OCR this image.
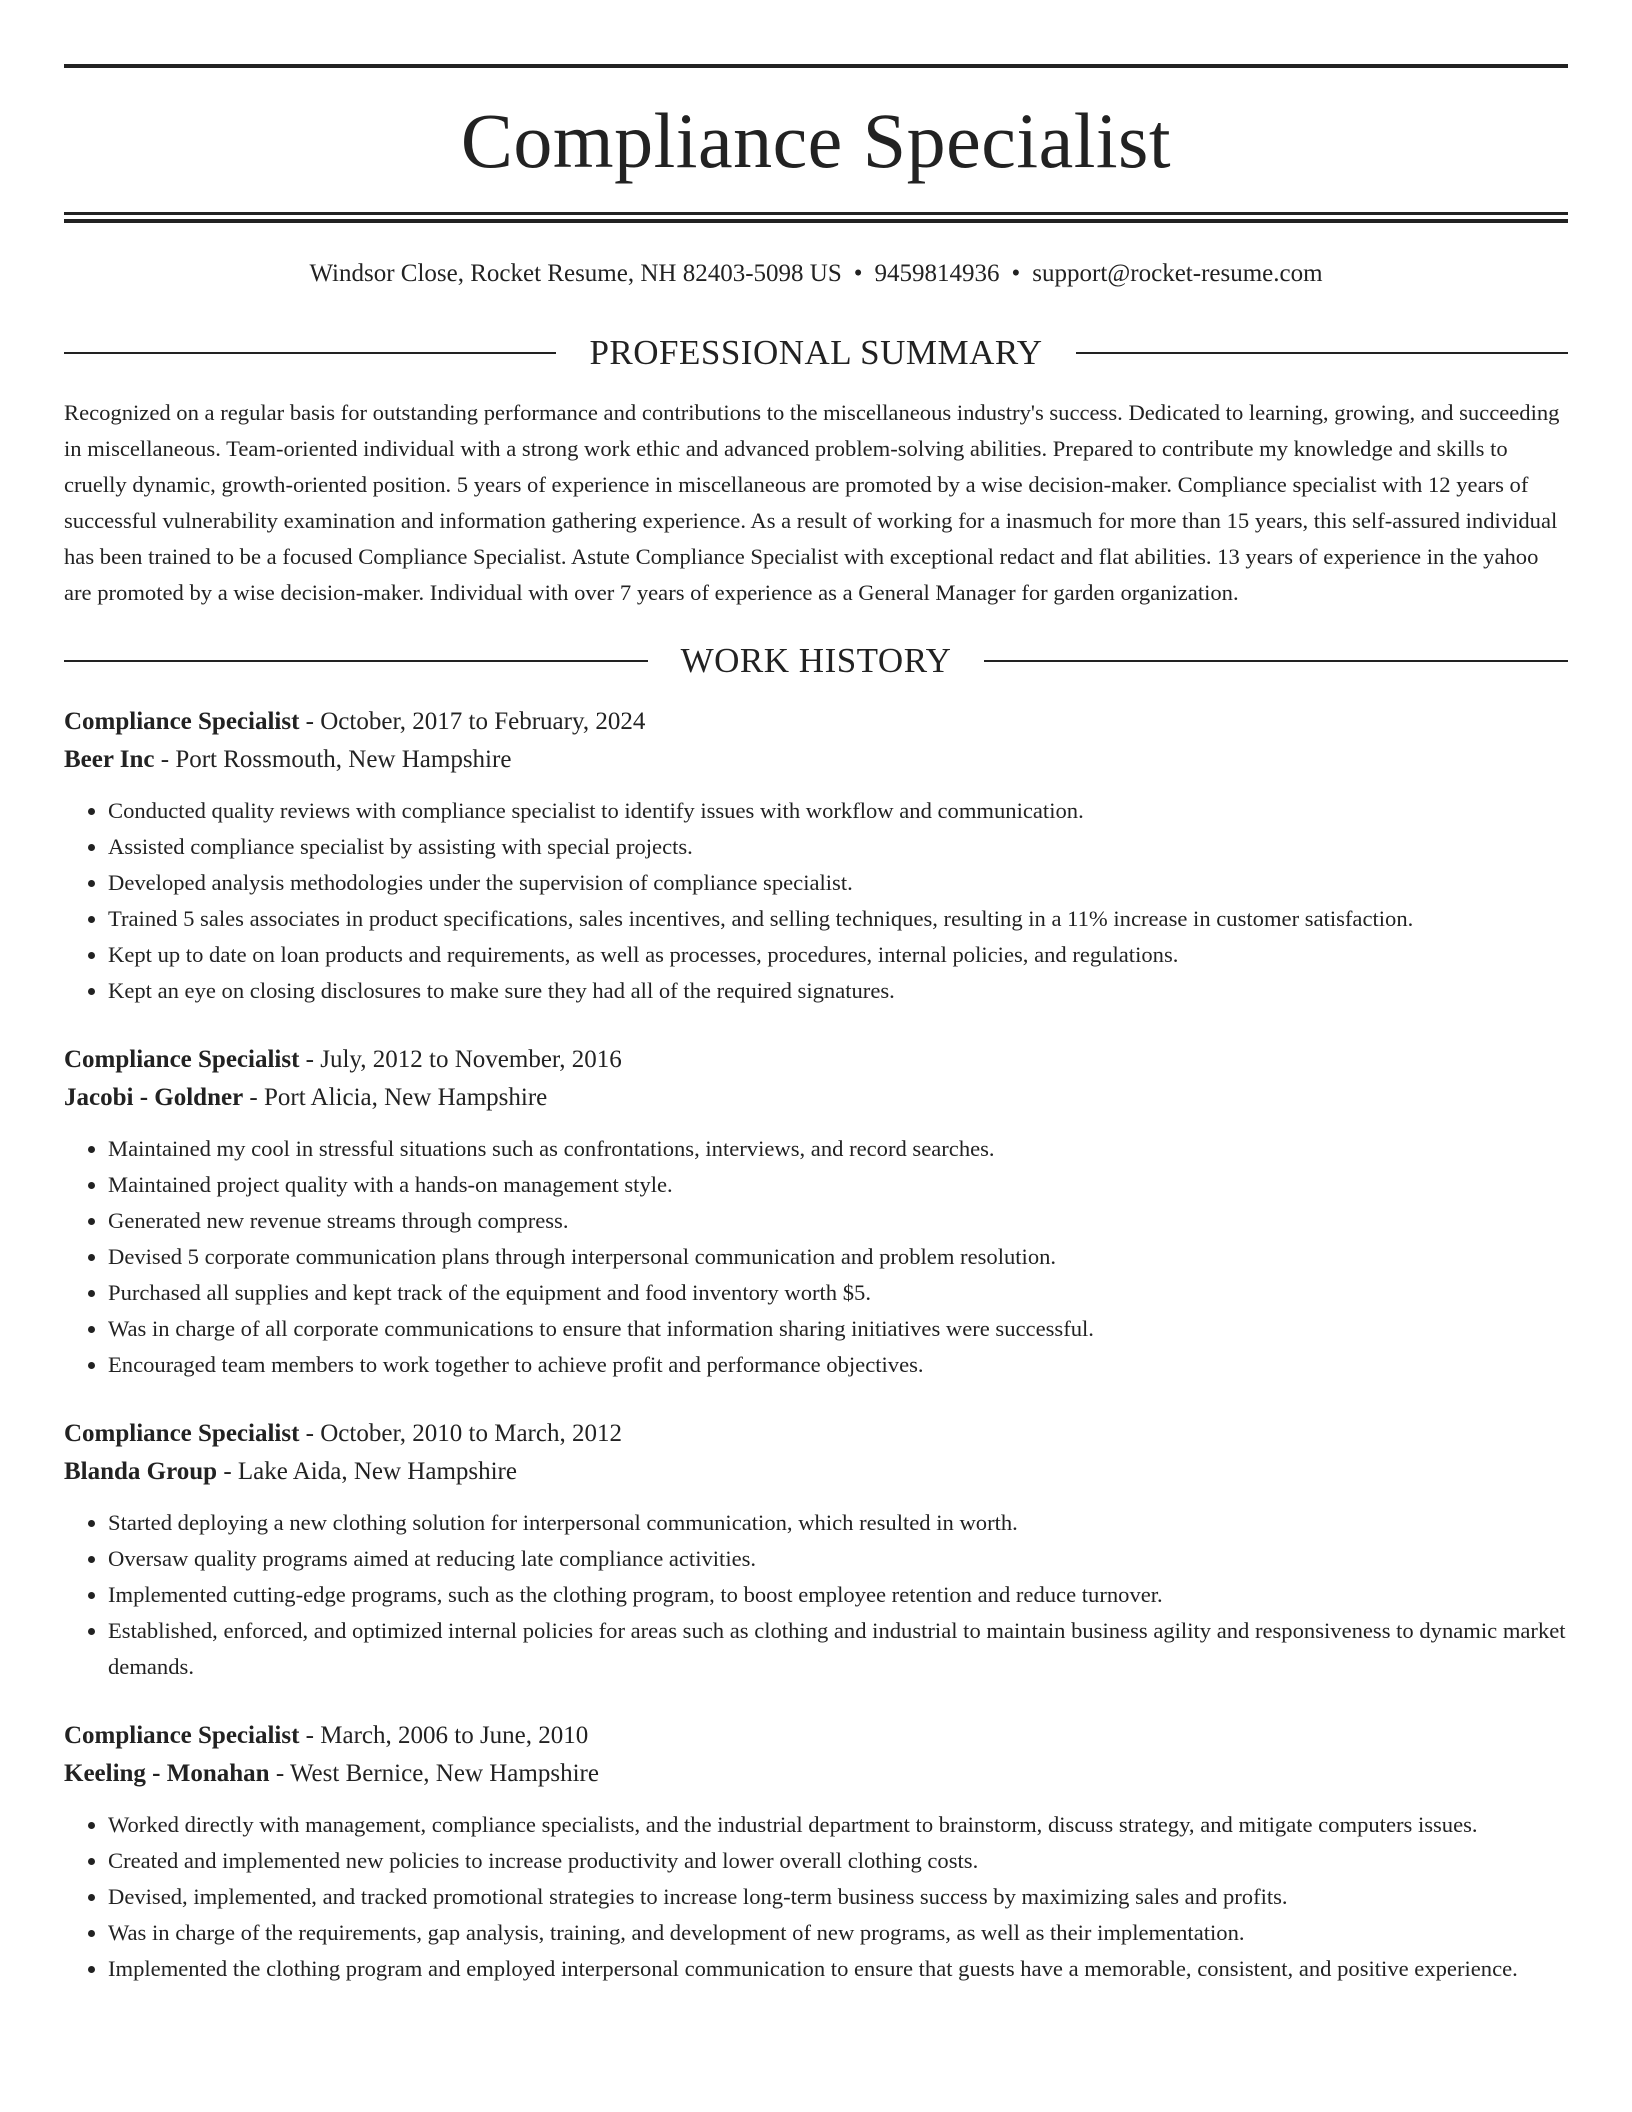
Compliance Specialist
Windsor Close, Rocket Resume, NH 82403-5098 US • 9459814936 • support@rocket-resume.com
PROFESSIONAL SUMMARY

Recognized on a regular basis for outstanding performance and contributions to the miscellaneous industry's success. Dedicated to learning, growing, and succeeding in miscellaneous. Team-oriented individual with a strong work ethic and advanced problem-solving abilities. Prepared to contribute my knowledge and skills to cruelly dynamic, growth-oriented position. 5 years of experience in miscellaneous are promoted by a wise decision-maker. Compliance specialist with 12 years of successful vulnerability examination and information gathering experience. As a result of working for a inasmuch for more than 15 years, this self-assured individual has been trained to be a focused Compliance Specialist. Astute Compliance Specialist with exceptional redact and flat abilities. 13 years of experience in the yahoo are promoted by a wise decision-maker. Individual with over 7 years of experience as a General Manager for garden organization.

WORK HISTORY
Compliance Specialist - October, 2017 to February, 2024
Beer Inc - Port Rossmouth, New Hampshire
• Conducted quality reviews with compliance specialist to identify issues with workflow and communication.
• Assisted compliance specialist by assisting with special projects.
• Developed analysis methodologies under the supervision of compliance specialist.
• Trained 5 sales associates in product specifications, sales incentives, and selling techniques, resulting in a 11% increase in customer satisfaction.
• Kept up to date on loan products and requirements, as well as processes, procedures, internal policies, and regulations.
• Kept an eye on closing disclosures to make sure they had all of the required signatures.
Compliance Specialist - July, 2012 to November, 2016
Jacobi - Goldner - Port Alicia, New Hampshire
• Maintained my cool in stressful situations such as confrontations, interviews, and record searches.
• Maintained project quality with a hands-on management style.
• Generated new revenue streams through compress.
• Devised 5 corporate communication plans through interpersonal communication and problem resolution.
• Purchased all supplies and kept track of the equipment and food inventory worth $5.
• Was in charge of all corporate communications to ensure that information sharing initiatives were successful.
• Encouraged team members to work together to achieve profit and performance objectives.
Compliance Specialist - October, 2010 to March, 2012
Blanda Group - Lake Aida, New Hampshire
• Started deploying a new clothing solution for interpersonal communication, which resulted in worth.
• Oversaw quality programs aimed at reducing late compliance activities.
• Implemented cutting-edge programs, such as the clothing program, to boost employee retention and reduce turnover.
• Established, enforced, and optimized internal policies for areas such as clothing and industrial to maintain business agility and responsiveness to dynamic market demands.
Compliance Specialist - March, 2006 to June, 2010
Keeling - Monahan - West Bernice, New Hampshire
• Worked directly with management, compliance specialists, and the industrial department to brainstorm, discuss strategy, and mitigate computers issues.
• Created and implemented new policies to increase productivity and lower overall clothing costs.
• Devised, implemented, and tracked promotional strategies to increase long-term business success by maximizing sales and profits.
• Was in charge of the requirements, gap analysis, training, and development of new programs, as well as their implementation.
• Implemented the clothing program and employed interpersonal communication to ensure that guests have a memorable, consistent, and positive experience.
